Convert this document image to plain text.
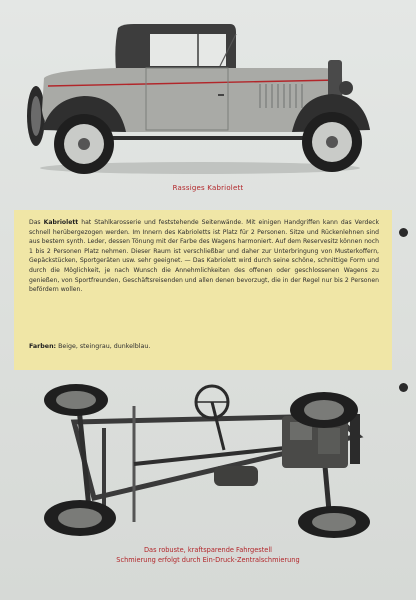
Rassiges Kabriolett

Das Kabriolett hat Stahlkarosserie und feststehende Seitenwände. Mit einigen Handgriffen kann das Verdeck schnell herübergezogen werden. Im Innern des Kabrioletts ist Platz für 2 Personen. Sitze und Rückenlehnen sind aus bestem synth. Leder, dessen Tönung mit der Farbe des Wagens harmoniert. Auf dem Reservesitz können noch 1 bis 2 Personen Platz nehmen. Dieser Raum ist verschließbar und daher zur Unterbringung von Musterkoffern, Gepäckstücken, Sportgeräten usw. sehr geeignet. — Das Kabriolett wird durch seine schöne, schnittige Form und durch die Möglichkeit, je nach Wunsch die Annehmlichkeiten des offenen oder geschlossenen Wagens zu genießen, von Sportfreunden, Geschäftsreisenden und allen denen bevorzugt, die in der Regel nur bis 2 Personen befördern wollen.

Farben: Beige, steingrau, dunkelblau.

Das robuste, kraftsparende Fahrgestell
Schmierung erfolgt durch Ein-Druck-Zentralschmierung
